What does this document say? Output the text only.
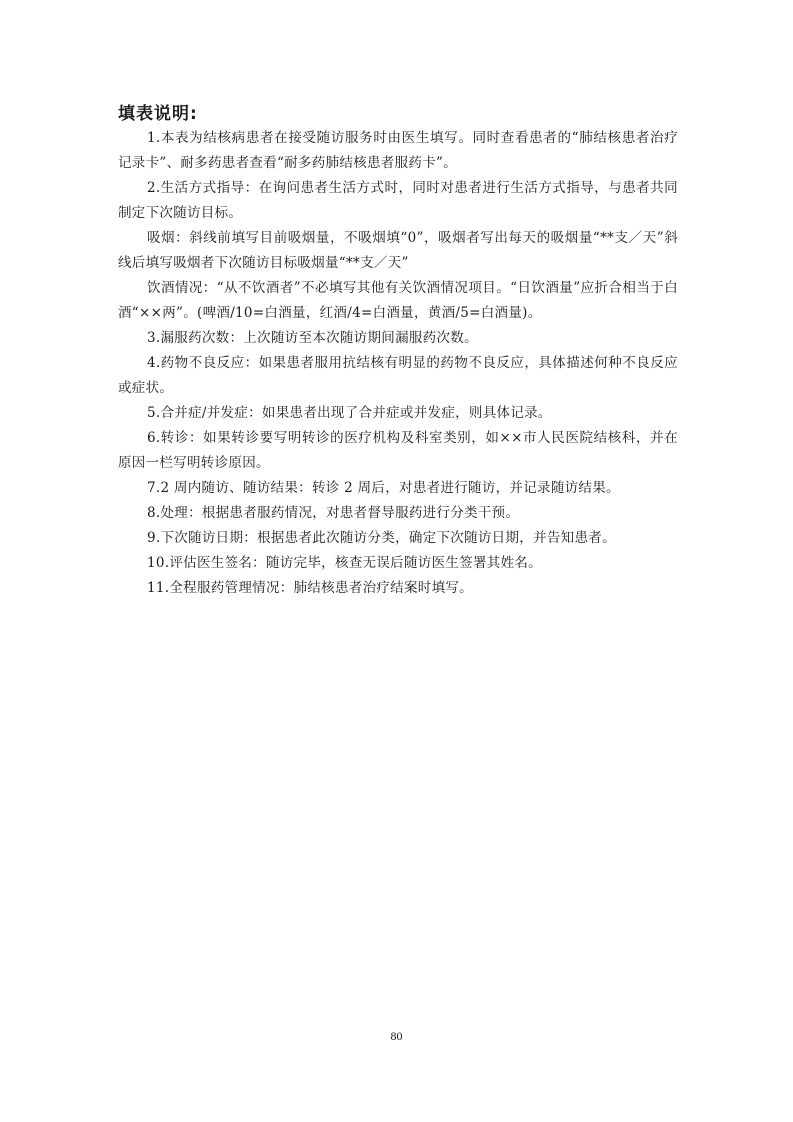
填表说明:

1.本表为结核病患者在接受随访服务时由医生填写。同时查看患者的“肺结核患者治疗记录卡”、耐多药患者查看“耐多药肺结核患者服药卡”。

2.生活方式指导：在询问患者生活方式时，同时对患者进行生活方式指导，与患者共同制定下次随访目标。

吸烟：斜线前填写目前吸烟量，不吸烟填“0”，吸烟者写出每天的吸烟量“**支／天”斜线后填写吸烟者下次随访目标吸烟量“**支／天”

饮酒情况：“从不饮酒者”不必填写其他有关饮酒情况项目。“日饮酒量”应折合相当于白酒“××两”。(啤酒/10=白酒量，红酒/4=白酒量，黄酒/5=白酒量)。

3.漏服药次数：上次随访至本次随访期间漏服药次数。

4.药物不良反应：如果患者服用抗结核有明显的药物不良反应，具体描述何种不良反应或症状。

5.合并症/并发症：如果患者出现了合并症或并发症，则具体记录。

6.转诊：如果转诊要写明转诊的医疗机构及科室类别，如××市人民医院结核科，并在原因一栏写明转诊原因。

7.2 周内随访、随访结果：转诊 2 周后，对患者进行随访，并记录随访结果。

8.处理：根据患者服药情况，对患者督导服药进行分类干预。

9.下次随访日期：根据患者此次随访分类，确定下次随访日期，并告知患者。

10.评估医生签名：随访完毕，核查无误后随访医生签署其姓名。

11.全程服药管理情况：肺结核患者治疗结案时填写。

80
